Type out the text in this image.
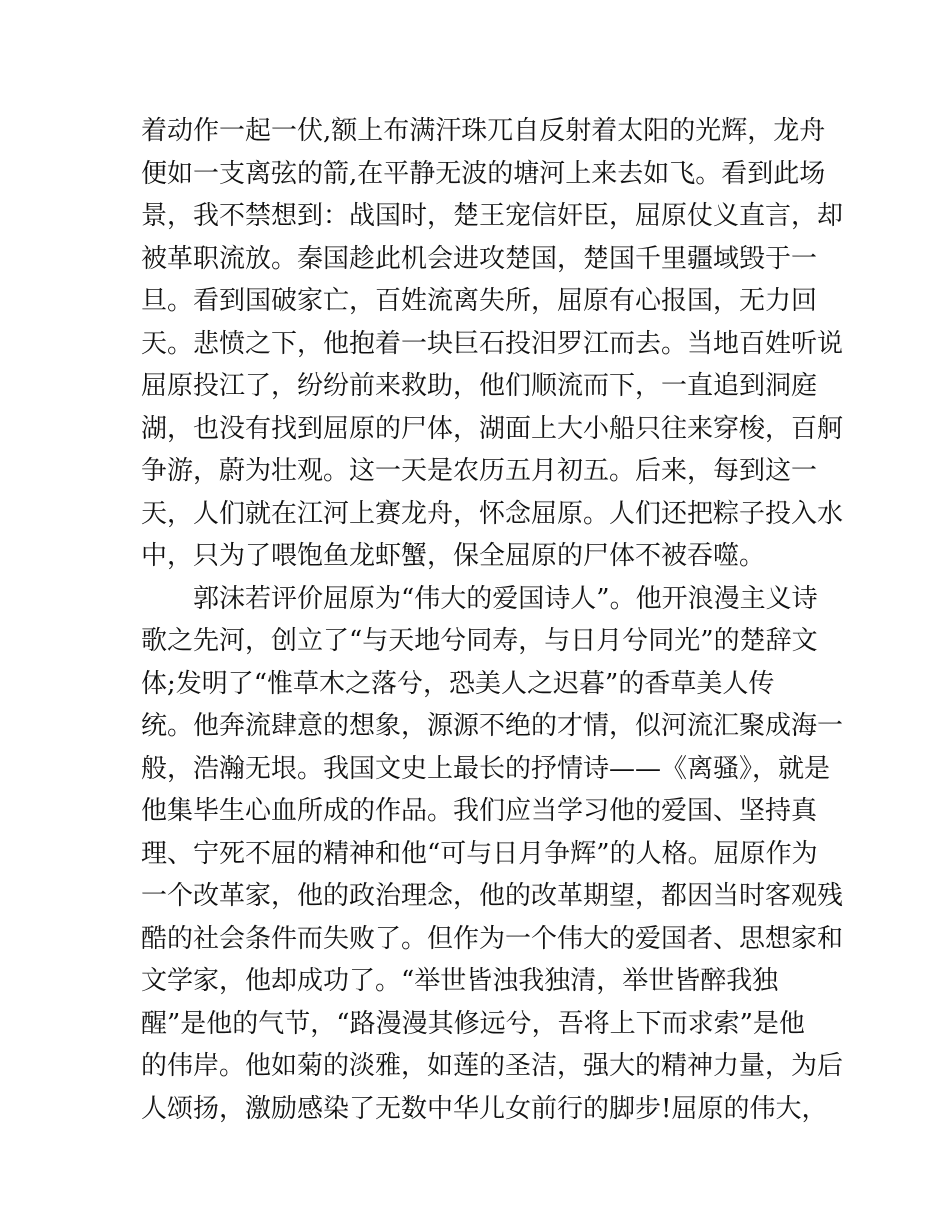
着动作一起一伏,额上布满汗珠兀自反射着太阳的光辉，龙舟
便如一支离弦的箭,在平静无波的塘河上来去如飞。看到此场
景，我不禁想到：战国时，楚王宠信奸臣，屈原仗义直言，却
被革职流放。秦国趁此机会进攻楚国，楚国千里疆域毁于一
旦。看到国破家亡，百姓流离失所，屈原有心报国，无力回
天。悲愤之下，他抱着一块巨石投汨罗江而去。当地百姓听说
屈原投江了，纷纷前来救助，他们顺流而下，一直追到洞庭
湖，也没有找到屈原的尸体，湖面上大小船只往来穿梭，百舸
争游，蔚为壮观。这一天是农历五月初五。后来，每到这一
天，人们就在江河上赛龙舟，怀念屈原。人们还把粽子投入水
中，只为了喂饱鱼龙虾蟹，保全屈原的尸体不被吞噬。
郭沫若评价屈原为“伟大的爱国诗人”。他开浪漫主义诗
歌之先河，创立了“与天地兮同寿，与日月兮同光”的楚辞文
体;发明了“惟草木之落兮，恐美人之迟暮”的香草美人传
统。他奔流肆意的想象，源源不绝的才情，似河流汇聚成海一
般，浩瀚无垠。我国文史上最长的抒情诗——《离骚》，就是
他集毕生心血所成的作品。我们应当学习他的爱国、坚持真
理、宁死不屈的精神和他“可与日月争辉”的人格。屈原作为
一个改革家，他的政治理念，他的改革期望，都因当时客观残
酷的社会条件而失败了。但作为一个伟大的爱国者、思想家和
文学家，他却成功了。“举世皆浊我独清，举世皆醉我独
醒”是他的气节，“路漫漫其修远兮，吾将上下而求索”是他
的伟岸。他如菊的淡雅，如莲的圣洁，强大的精神力量，为后
人颂扬，激励感染了无数中华儿女前行的脚步!屈原的伟大，
